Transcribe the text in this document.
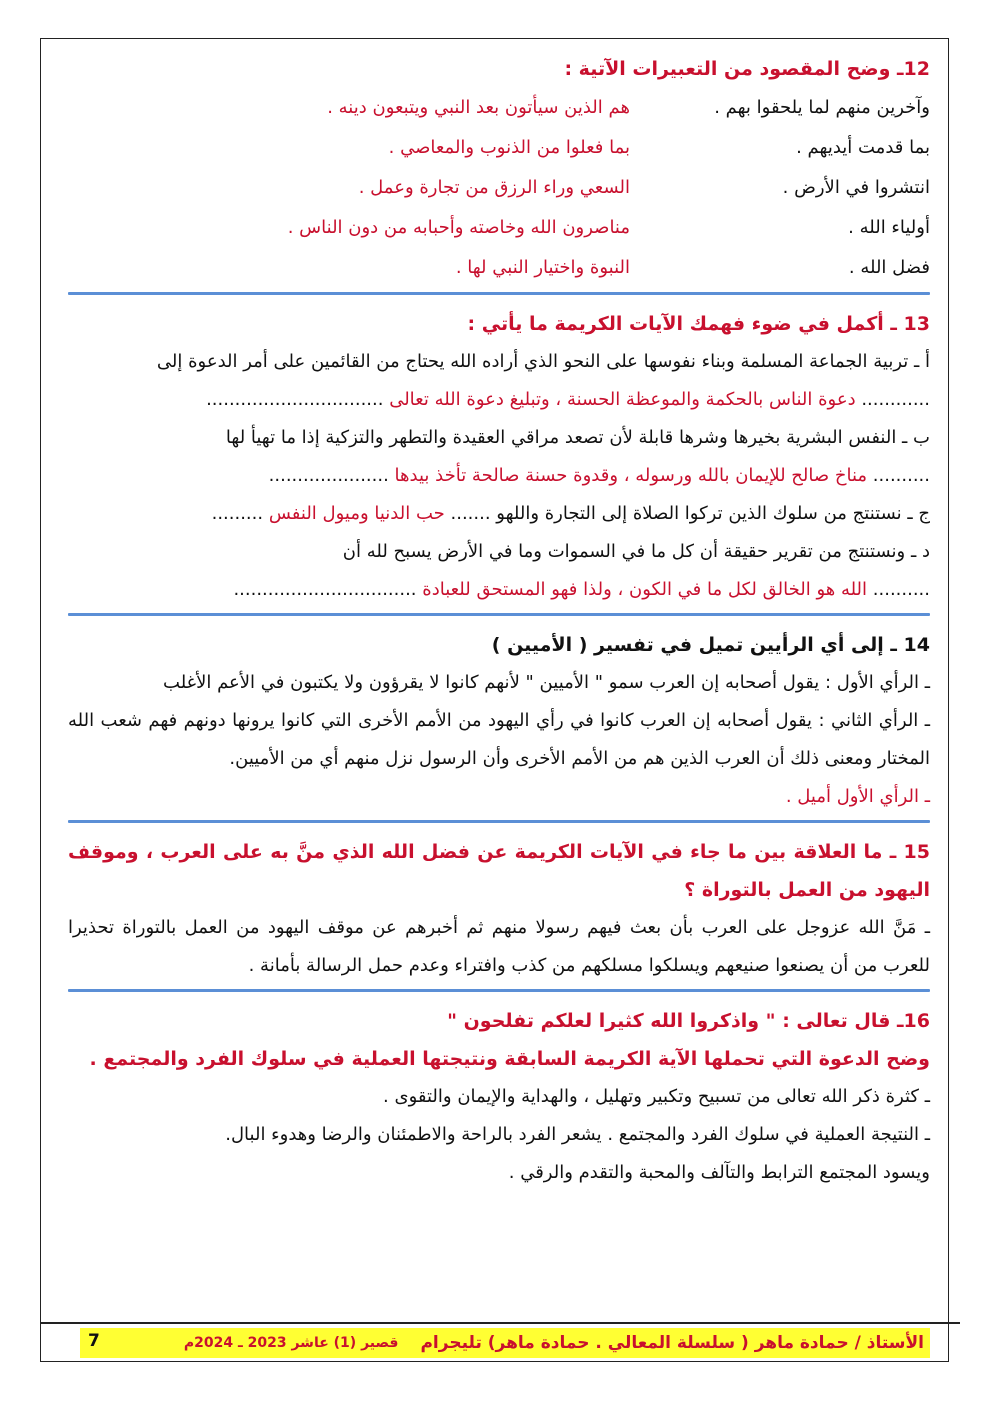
12ـ وضح المقصود من التعبيرات الآتية :
وآخرين منهم لما يلحقوا بهم .
هم الذين سيأتون بعد النبي ويتبعون دينه .
بما قدمت أيديهم .
بما فعلوا من الذنوب والمعاصي .
انتشروا في الأرض .
السعي وراء الرزق من تجارة وعمل .
أولياء الله .
مناصرون الله وخاصته وأحبابه من دون الناس .
فضل الله .
النبوة واختيار النبي لها .
13 ـ أكمل في ضوء فهمك الآيات الكريمة ما يأتي :
أ ـ تربية الجماعة المسلمة وبناء نفوسها على النحو الذي أراده الله يحتاج من القائمين على أمر الدعوة إلى
............ دعوة الناس بالحكمة والموعظة الحسنة ، وتبليغ دعوة الله تعالى ...............................
ب ـ النفس البشرية بخيرها وشرها قابلة لأن تصعد مراقي العقيدة والتطهر والتزكية إذا ما تهيأ لها
.......... مناخ صالح للإيمان بالله ورسوله ، وقدوة حسنة صالحة تأخذ بيدها .....................
ج ـ نستنتج من سلوك الذين تركوا الصلاة إلى التجارة واللهو ....... حب الدنيا وميول النفس .........
د ـ ونستنتج من تقرير حقيقة أن كل ما في السموات وما في الأرض يسبح لله أن
.......... الله هو الخالق لكل ما في الكون ، ولذا فهو المستحق للعبادة ................................
14 ـ إلى أي الرأيين تميل في تفسير ( الأميين )
ـ الرأي الأول : يقول أصحابه إن العرب سمو " الأميين " لأنهم كانوا لا يقرؤون ولا يكتبون في الأعم الأغلب
ـ الرأي الثاني : يقول أصحابه إن العرب كانوا في رأي اليهود من الأمم الأخرى التي كانوا يرونها دونهم فهم شعب الله المختار ومعنى ذلك أن العرب الذين هم من الأمم الأخرى وأن الرسول نزل منهم أي من الأميين.
ـ الرأي الأول أميل .
15 ـ ما العلاقة بين ما جاء في الآيات الكريمة عن فضل الله الذي منَّ به على العرب ، وموقف اليهود من العمل بالتوراة ؟
ـ مَنَّ الله عزوجل على العرب بأن بعث فيهم رسولا منهم ثم أخبرهم عن موقف اليهود من العمل بالتوراة تحذيرا للعرب من أن يصنعوا صنيعهم ويسلكوا مسلكهم من كذب وافتراء وعدم حمل الرسالة بأمانة .
16ـ قال تعالى : " واذكروا الله كثيرا لعلكم تفلحون "
وضح الدعوة التي تحملها الآية الكريمة السابقة ونتيجتها العملية في سلوك الفرد والمجتمع .
ـ كثرة ذكر الله تعالى من تسبيح وتكبير وتهليل ، والهداية والإيمان والتقوى .
ـ النتيجة العملية في سلوك الفرد والمجتمع . يشعر الفرد بالراحة والاطمئنان والرضا وهدوء البال.
ويسود المجتمع الترابط والتآلف والمحبة والتقدم والرقي .
الأستاذ / حمادة ماهر ( سلسلة المعالي . حمادة ماهر) تليجرام
قصير (1) عاشر 2023 ـ 2024م
7
